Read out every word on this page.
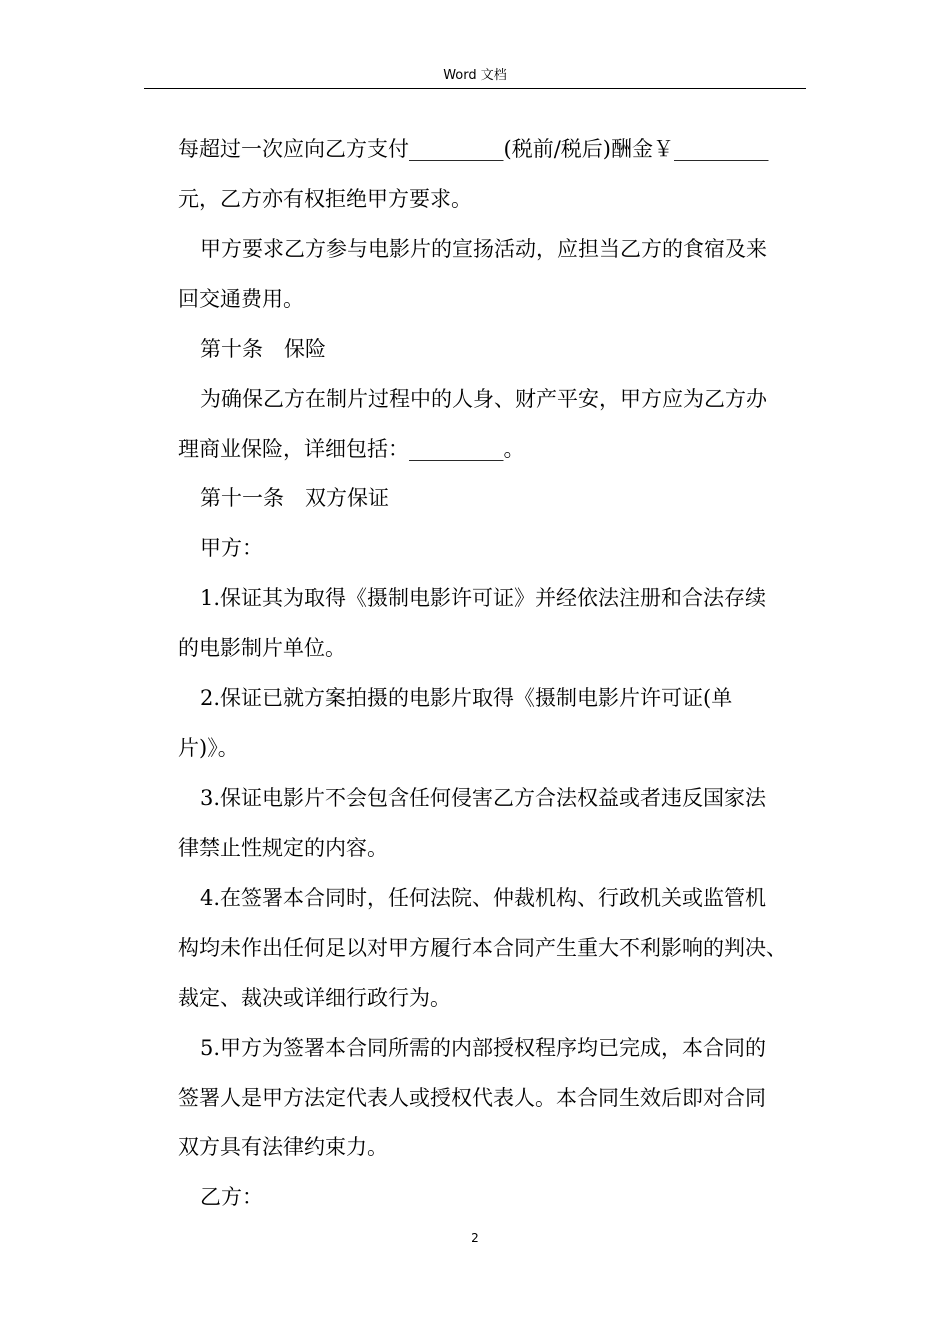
Word 文档
每超过一次应向乙方支付_________(税前/税后)酬金￥_________
元，乙方亦有权拒绝甲方要求。
甲方要求乙方参与电影片的宣扬活动，应担当乙方的食宿及来
回交通费用。
第十条　保险
为确保乙方在制片过程中的人身、财产平安，甲方应为乙方办
理商业保险，详细包括：_________。
第十一条　双方保证
甲方：
1.保证其为取得《摄制电影许可证》并经依法注册和合法存续
的电影制片单位。
2.保证已就方案拍摄的电影片取得《摄制电影片许可证(单
片)》。
3.保证电影片不会包含任何侵害乙方合法权益或者违反国家法
律禁止性规定的内容。
4.在签署本合同时，任何法院、仲裁机构、行政机关或监管机
构均未作出任何足以对甲方履行本合同产生重大不利影响的判决、
裁定、裁决或详细行政行为。
5.甲方为签署本合同所需的内部授权程序均已完成，本合同的
签署人是甲方法定代表人或授权代表人。本合同生效后即对合同
双方具有法律约束力。
乙方：
2
